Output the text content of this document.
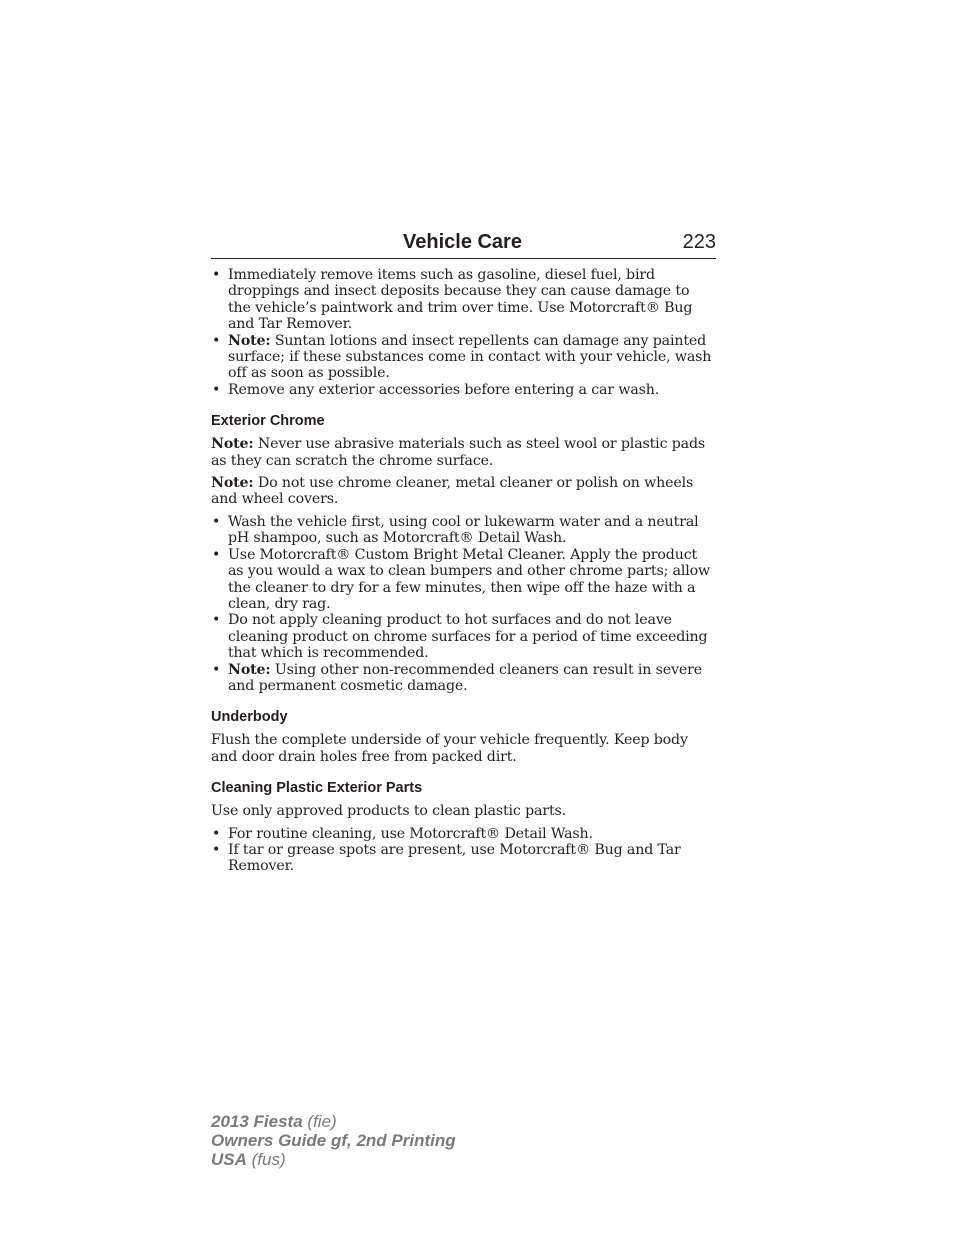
Vehicle Care	223
• Immediately remove items such as gasoline, diesel fuel, bird droppings and insect deposits because they can cause damage to the vehicle’s paintwork and trim over time. Use Motorcraft® Bug and Tar Remover.
• Note: Suntan lotions and insect repellents can damage any painted surface; if these substances come in contact with your vehicle, wash off as soon as possible.
• Remove any exterior accessories before entering a car wash.
Exterior Chrome

Note: Never use abrasive materials such as steel wool or plastic pads as they can scratch the chrome surface.

Note: Do not use chrome cleaner, metal cleaner or polish on wheels and wheel covers.

• Wash the vehicle first, using cool or lukewarm water and a neutral pH shampoo, such as Motorcraft® Detail Wash.
• Use Motorcraft® Custom Bright Metal Cleaner. Apply the product as you would a wax to clean bumpers and other chrome parts; allow the cleaner to dry for a few minutes, then wipe off the haze with a clean, dry rag.
• Do not apply cleaning product to hot surfaces and do not leave cleaning product on chrome surfaces for a period of time exceeding that which is recommended.
• Note: Using other non-recommended cleaners can result in severe and permanent cosmetic damage.
Underbody

Flush the complete underside of your vehicle frequently. Keep body and door drain holes free from packed dirt.

Cleaning Plastic Exterior Parts

Use only approved products to clean plastic parts.

• For routine cleaning, use Motorcraft® Detail Wash.
• If tar or grease spots are present, use Motorcraft® Bug and Tar Remover.
2013 Fiesta (fie)
Owners Guide gf, 2nd Printing
USA (fus)
